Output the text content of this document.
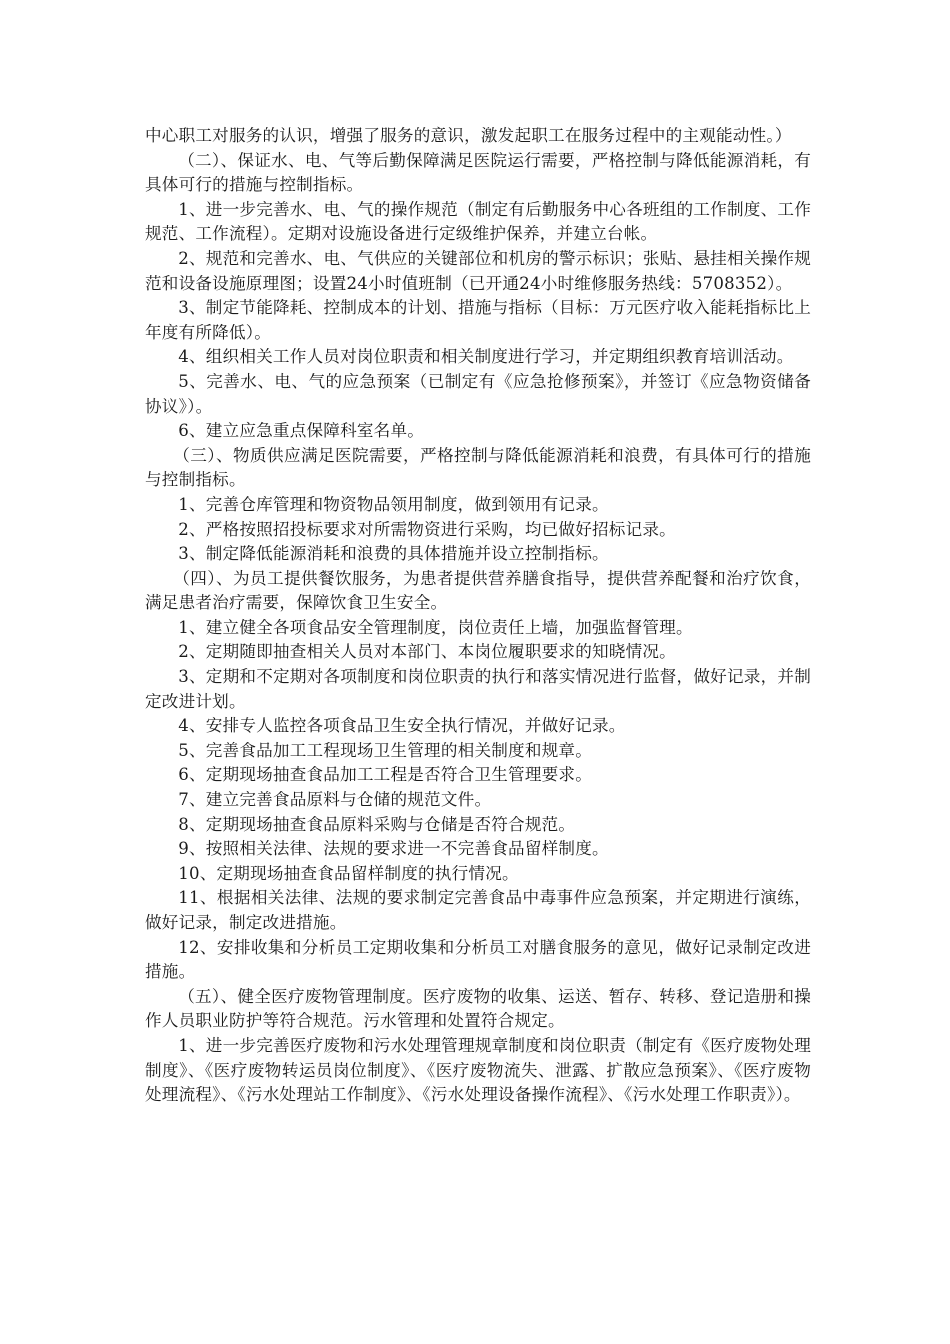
中心职工对服务的认识，增强了服务的意识，激发起职工在服务过程中的主观能动性。）

（二）、保证水、电、气等后勤保障满足医院运行需要，严格控制与降低能源消耗，有具体可行的措施与控制指标。

1、进一步完善水、电、气的操作规范（制定有后勤服务中心各班组的工作制度、工作规范、工作流程）。定期对设施设备进行定级维护保养，并建立台帐。

2、规范和完善水、电、气供应的关键部位和机房的警示标识；张贴、悬挂相关操作规范和设备设施原理图；设置24小时值班制（已开通24小时维修服务热线：5708352）。

3、制定节能降耗、控制成本的计划、措施与指标（目标：万元医疗收入能耗指标比上年度有所降低）。

4、组织相关工作人员对岗位职责和相关制度进行学习，并定期组织教育培训活动。

5、完善水、电、气的应急预案（已制定有《应急抢修预案》，并签订《应急物资储备协议》）。

6、建立应急重点保障科室名单。

（三）、物质供应满足医院需要，严格控制与降低能源消耗和浪费，有具体可行的措施与控制指标。

1、完善仓库管理和物资物品领用制度，做到领用有记录。

2、严格按照招投标要求对所需物资进行采购，均已做好招标记录。

3、制定降低能源消耗和浪费的具体措施并设立控制指标。

（四）、为员工提供餐饮服务，为患者提供营养膳食指导，提供营养配餐和治疗饮食，满足患者治疗需要，保障饮食卫生安全。

1、建立健全各项食品安全管理制度，岗位责任上墙，加强监督管理。

2、定期随即抽查相关人员对本部门、本岗位履职要求的知晓情况。

3、定期和不定期对各项制度和岗位职责的执行和落实情况进行监督，做好记录，并制定改进计划。

4、安排专人监控各项食品卫生安全执行情况，并做好记录。

5、完善食品加工工程现场卫生管理的相关制度和规章。

6、定期现场抽查食品加工工程是否符合卫生管理要求。

7、建立完善食品原料与仓储的规范文件。

8、定期现场抽查食品原料采购与仓储是否符合规范。

9、按照相关法律、法规的要求进一不完善食品留样制度。

10、定期现场抽查食品留样制度的执行情况。

11、根据相关法律、法规的要求制定完善食品中毒事件应急预案，并定期进行演练，做好记录，制定改进措施。

12、安排收集和分析员工定期收集和分析员工对膳食服务的意见，做好记录制定改进措施。

（五）、健全医疗废物管理制度。医疗废物的收集、运送、暂存、转移、登记造册和操作人员职业防护等符合规范。污水管理和处置符合规定。

1、进一步完善医疗废物和污水处理管理规章制度和岗位职责（制定有《医疗废物处理制度》、《医疗废物转运员岗位制度》、《医疗废物流失、泄露、扩散应急预案》、《医疗废物处理流程》、《污水处理站工作制度》、《污水处理设备操作流程》、《污水处理工作职责》）。
